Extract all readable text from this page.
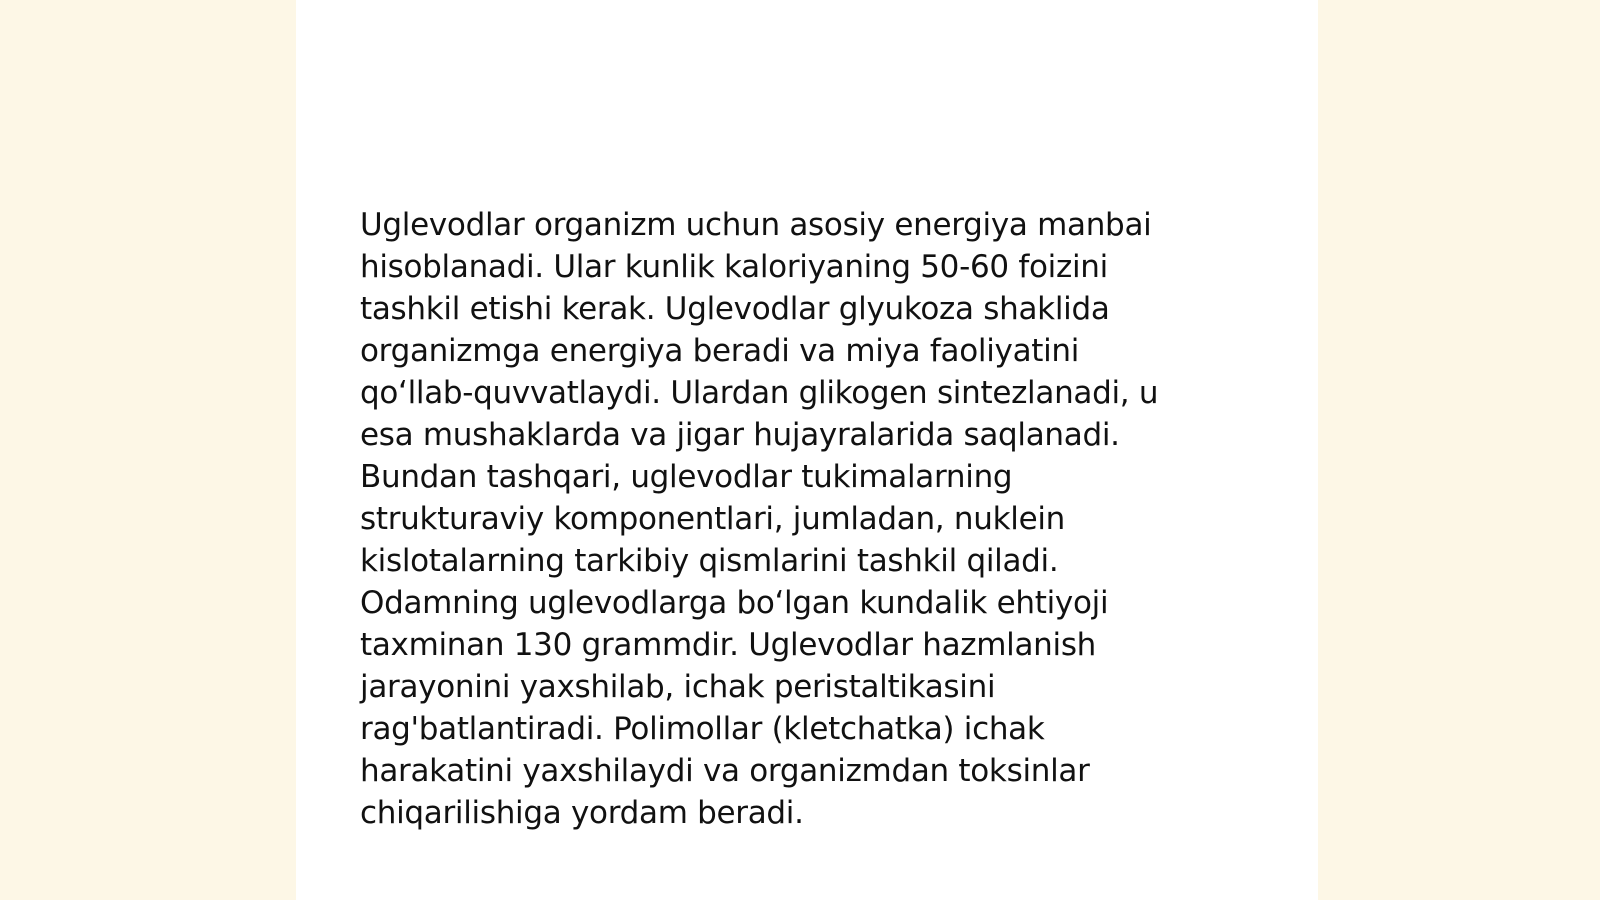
Uglevodlar organizm uchun asosiy energiya manbai
hisoblanadi. Ular kunlik kaloriyaning 50-60 foizini
tashkil etishi kerak. Uglevodlar glyukoza shaklida
organizmga energiya beradi va miya faoliyatini
qo‘llab-quvvatlaydi. Ulardan glikogen sintezlanadi, u
esa mushaklarda va jigar hujayralarida saqlanadi.
Bundan tashqari, uglevodlar tukimalarning
strukturaviy komponentlari, jumladan, nuklein
kislotalarning tarkibiy qismlarini tashkil qiladi.
Odamning uglevodlarga bo‘lgan kundalik ehtiyoji
taxminan 130 grammdir. Uglevodlar hazmlanish
jarayonini yaxshilab, ichak peristaltikasini
rag'batlantiradi. Polimollar (kletchatka) ichak
harakatini yaxshilaydi va organizmdan toksinlar
chiqarilishiga yordam beradi.
